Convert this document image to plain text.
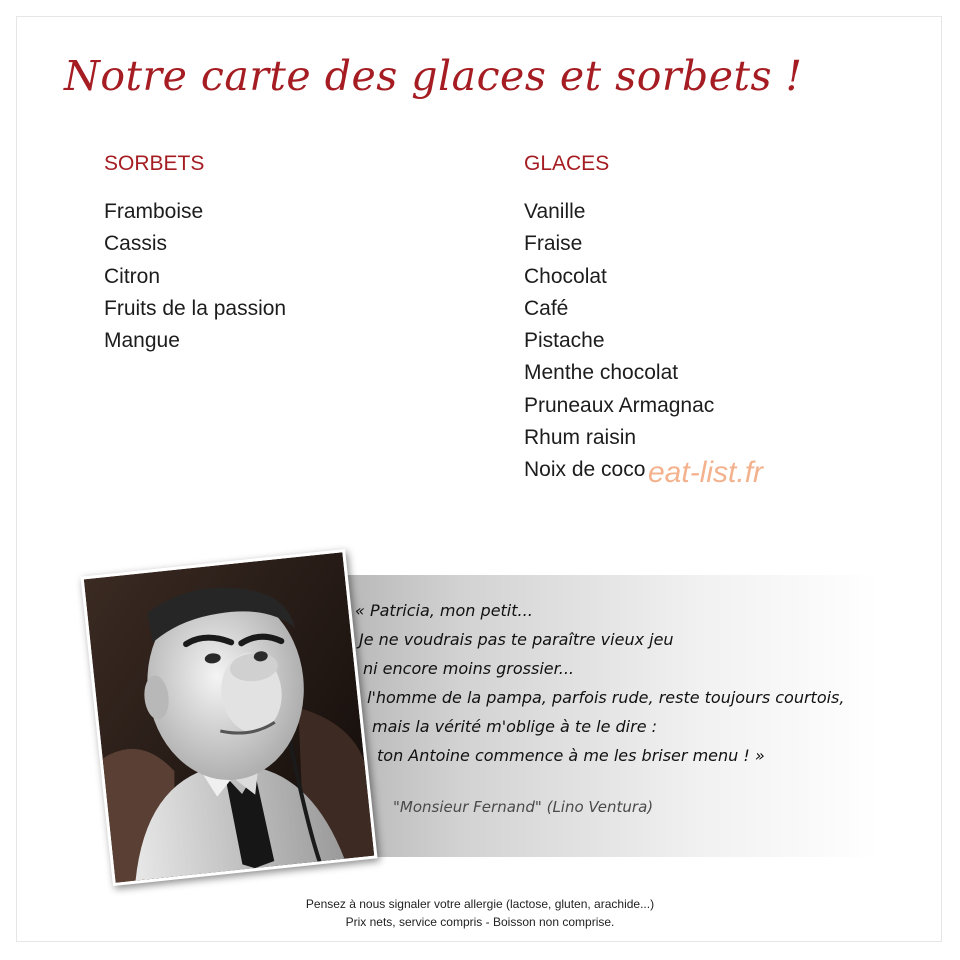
Notre carte des glaces et sorbets !
SORBETS
Framboise
Cassis
Citron
Fruits de la passion
Mangue
GLACES
Vanille
Fraise
Chocolat
Café
Pistache
Menthe chocolat
Pruneaux Armagnac
Rhum raisin
Noix de coco eat-list.fr
« Patricia, mon petit...
Je ne voudrais pas te paraître vieux jeu
ni encore moins grossier...
l'homme de la pampa, parfois rude, reste toujours courtois,
mais la vérité m'oblige à te le dire :
ton Antoine commence à me les briser menu ! »
"Monsieur Fernand" (Lino Ventura)
Pensez à nous signaler votre allergie (lactose, gluten, arachide...)
Prix nets, service compris - Boisson non comprise.
